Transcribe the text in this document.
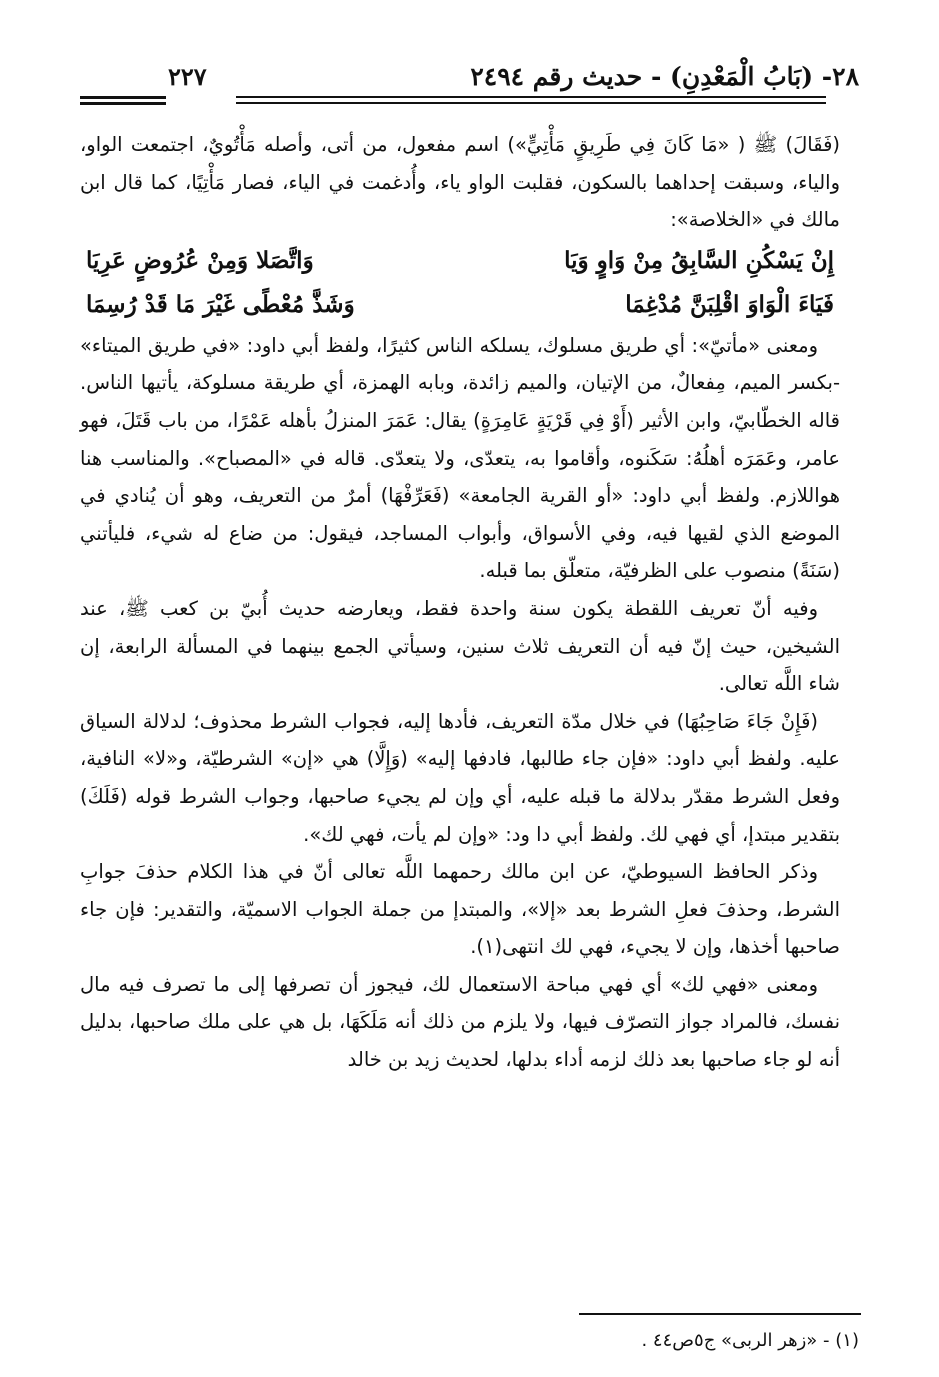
٢٨- (بَابُ الْمَعْدِنِ) - حديث رقم ٢٤٩٤
٢٢٧

(فَقَالَ) ﷺ ( «مَا كَانَ فِي طَرِيقٍ مَأْتِيٍّ») اسم مفعول، من أتى، وأصله مَأْتُويٌ، اجتمعت الواو، والياء، وسبقت إحداهما بالسكون، فقلبت الواو ياء، وأُدغمت في الياء، فصار مَأْتِيًا، كما قال ابن مالك في «الخلاصة»:

إِنْ يَسْكُنِ السَّابِقُ مِنْ وَاوٍ وَيَا
وَاتَّصَلا وَمِنْ عُرُوضٍ عَرِيَا
فَيَاءَ الْوَاوَ اقْلِبَنَّ مُدْغِمَا
وَشَذَّ مُعْطًى غَيْرَ مَا قَدْ رُسِمَا

ومعنى «مأتيّ»: أي طريق مسلوك، يسلكه الناس كثيرًا، ولفظ أبي داود: «في طريق الميتاء» -بكسر الميم، مِفعالٌ، من الإتيان، والميم زائدة، وبابه الهمزة، أي طريقة مسلوكة، يأتيها الناس. قاله الخطّابيّ، وابن الأثير (أَوْ فِي قَرْيَةٍ عَامِرَةٍ) يقال: عَمَرَ المنزلُ بأهله عَمْرًا، من باب قَتَلَ، فهو عامر، وعَمَرَه أهلُهُ: سَكَنوه، وأقاموا به، يتعدّى، ولا يتعدّى. قاله في «المصباح». والمناسب هنا هواللازم. ولفظ أبي داود: «أو القرية الجامعة» (فَعَرِّفْهَا) أمرٌ من التعريف، وهو أن يُنادي في الموضع الذي لقيها فيه، وفي الأسواق، وأبواب المساجد، فيقول: من ضاع له شيء، فليأتني (سَنَةً) منصوب على الظرفيّة، متعلّق بما قبله.

وفيه أنّ تعريف اللقطة يكون سنة واحدة فقط، ويعارضه حديث أُبيّ بن كعب ﷺ، عند الشيخين، حيث إنّ فيه أن التعريف ثلاث سنين، وسيأتي الجمع بينهما في المسألة الرابعة، إن شاء اللَّه تعالى.

(فَإِنْ جَاءَ صَاحِبُهَا) في خلال مدّة التعريف، فأدها إليه، فجواب الشرط محذوف؛ لدلالة السياق عليه. ولفظ أبي داود: «فإن جاء طالبها، فادفها إليه» (وَإِلَّا) هي «إن» الشرطيّة، و«لا» النافية، وفعل الشرط مقدّر بدلالة ما قبله عليه، أي وإن لم يجيء صاحبها، وجواب الشرط قوله (فَلَكَ) بتقدير مبتدإ، أي فهي لك. ولفظ أبي دا ود: «وإن لم يأت، فهي لك».

وذكر الحافظ السيوطيّ، عن ابن مالك رحمهما اللَّه تعالى أنّ في هذا الكلام حذفَ جوابِ الشرط، وحذفَ فعلِ الشرط بعد «إلا»، والمبتدإ من جملة الجواب الاسميّة، والتقدير: فإن جاء صاحبها أخذها، وإن لا يجيء، فهي لك انتهى(١).

ومعنى «فهي لك» أي فهي مباحة الاستعمال لك، فيجوز أن تصرفها إلى ما تصرف فيه مال نفسك، فالمراد جواز التصرّف فيها، ولا يلزم من ذلك أنه مَلَكَهَا، بل هي على ملك صاحبها، بدليل أنه لو جاء صاحبها بعد ذلك لزمه أداء بدلها، لحديث زيد بن خالد

(١) - «زهر الربى» ج٥ص٤٤ .
